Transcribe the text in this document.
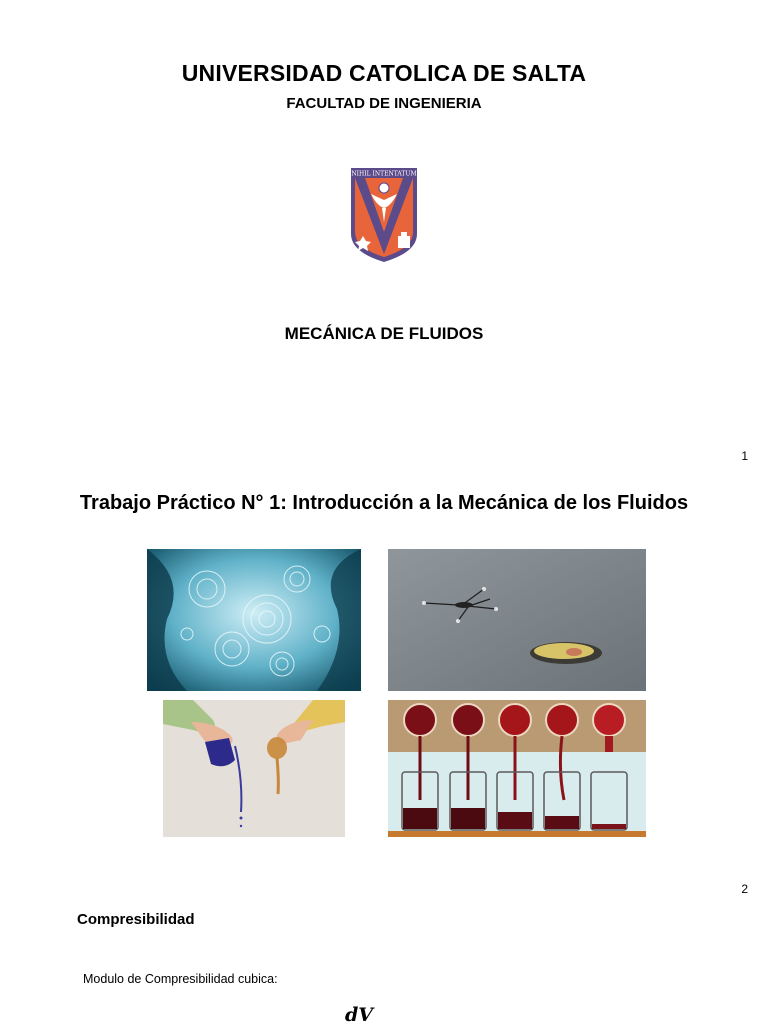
UNIVERSIDAD CATOLICA DE SALTA
FACULTAD DE INGENIERIA
NIHIL INTENTATUM
MECÁNICA DE FLUIDOS
1
Trabajo Práctico N° 1: Introducción a la Mecánica de los Fluidos
2
Compresibilidad
Modulo de Compresibilidad cubica:
dV
